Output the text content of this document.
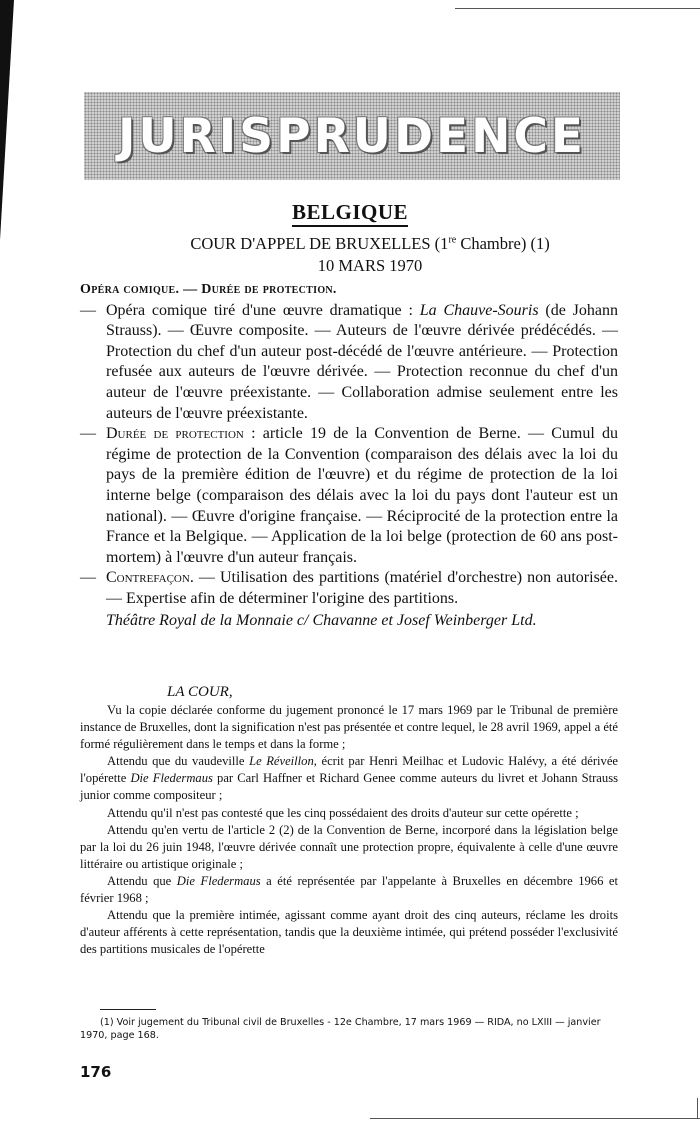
JURISPRUDENCE
BELGIQUE
COUR D'APPEL DE BRUXELLES (1re Chambre) (1)
10 MARS 1970

Opéra comique. — Durée de protection.

— Opéra comique tiré d'une œuvre dramatique : La Chauve-Souris (de Johann Strauss). — Œuvre composite. — Auteurs de l'œuvre dérivée prédécédés. — Protection du chef d'un auteur post-décédé de l'œuvre antérieure. — Protection refusée aux auteurs de l'œuvre dérivée. — Protection reconnue du chef d'un auteur de l'œuvre préexistante. — Collaboration admise seulement entre les auteurs de l'œuvre préexistante.

— Durée de protection : article 19 de la Convention de Berne. — Cumul du régime de protection de la Convention (comparaison des délais avec la loi du pays de la première édition de l'œuvre) et du régime de protection de la loi interne belge (comparaison des délais avec la loi du pays dont l'auteur est un national). — Œuvre d'origine française. — Réciprocité de la protection entre la France et la Belgique. — Application de la loi belge (protection de 60 ans post-mortem) à l'œuvre d'un auteur français.

— Contrefaçon. — Utilisation des partitions (matériel d'orchestre) non autorisée. — Expertise afin de déterminer l'origine des partitions.

Théâtre Royal de la Monnaie c/ Chavanne et Josef Weinberger Ltd.

LA COUR,

Vu la copie déclarée conforme du jugement prononcé le 17 mars 1969 par le Tribunal de première instance de Bruxelles, dont la signification n'est pas présentée et contre lequel, le 28 avril 1969, appel a été formé régulièrement dans le temps et dans la forme ;

Attendu que du vaudeville Le Réveillon, écrit par Henri Meilhac et Ludovic Halévy, a été dérivée l'opérette Die Fledermaus par Carl Haffner et Richard Genee comme auteurs du livret et Johann Strauss junior comme compositeur ;

Attendu qu'il n'est pas contesté que les cinq possédaient des droits d'auteur sur cette opérette ;

Attendu qu'en vertu de l'article 2 (2) de la Convention de Berne, incorporé dans la législation belge par la loi du 26 juin 1948, l'œuvre dérivée connaît une protection propre, équivalente à celle d'une œuvre littéraire ou artistique originale ;

Attendu que Die Fledermaus a été représentée par l'appelante à Bruxelles en décembre 1966 et février 1968 ;

Attendu que la première intimée, agissant comme ayant droit des cinq auteurs, réclame les droits d'auteur afférents à cette représentation, tandis que la deuxième intimée, qui prétend posséder l'exclusivité des partitions musicales de l'opérette

(1) Voir jugement du Tribunal civil de Bruxelles - 12e Chambre, 17 mars 1969 — RIDA, no LXIII — janvier 1970, page 168.

176
